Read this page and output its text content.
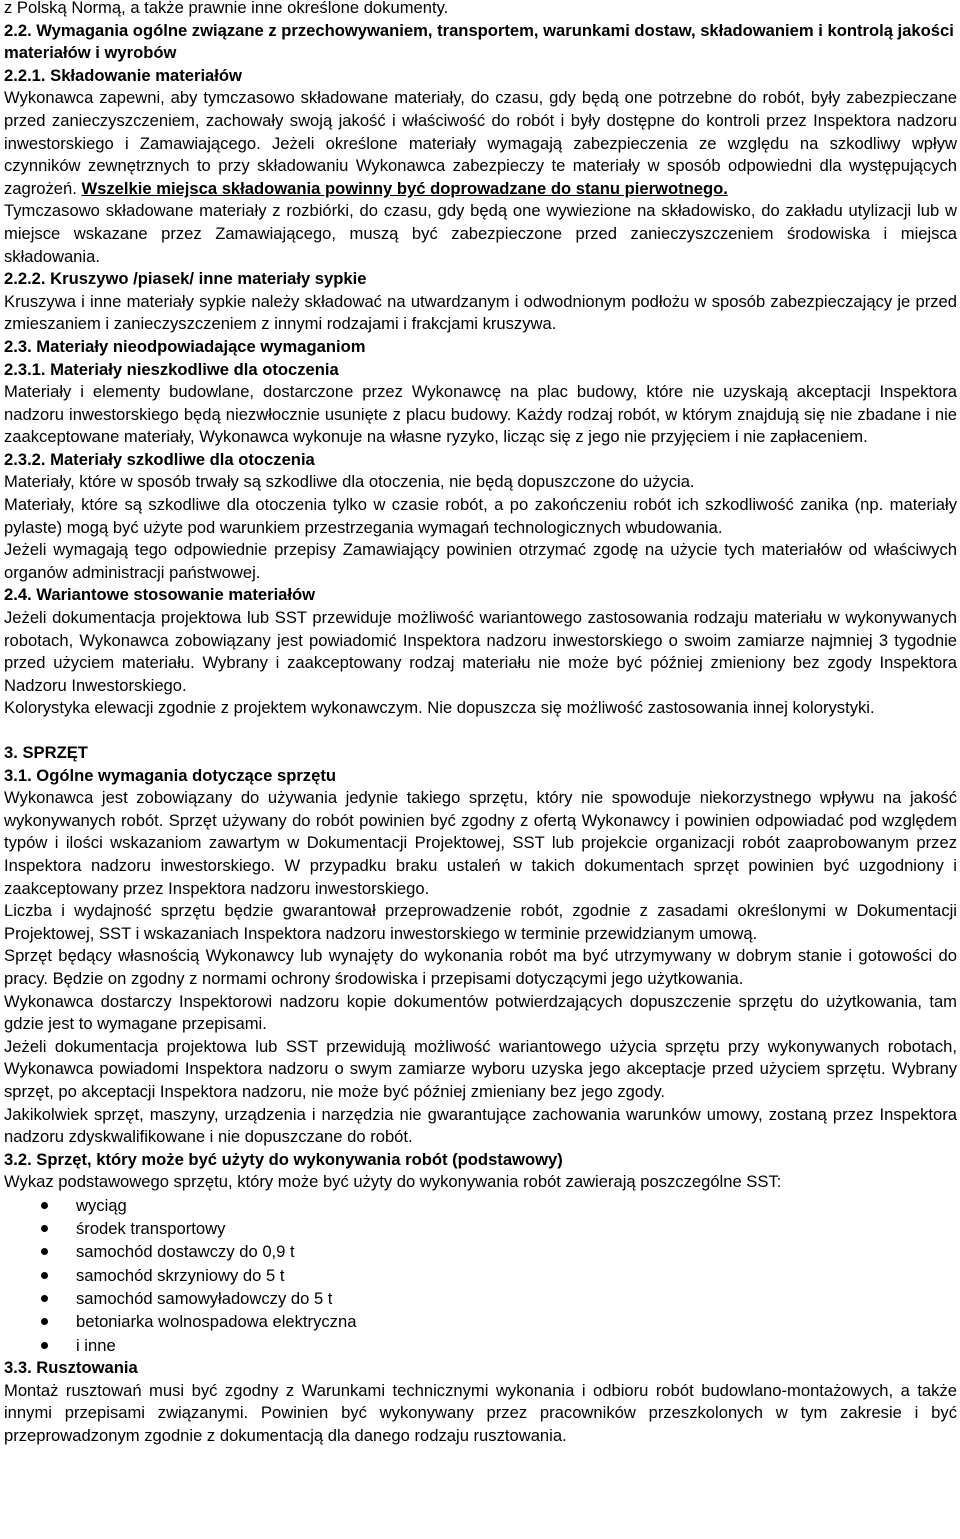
z Polską Normą, a także prawnie inne określone dokumenty.

2.2. Wymagania ogólne związane z przechowywaniem, transportem, warunkami dostaw, składowaniem i kontrolą jakości materiałów i wyrobów

2.2.1. Składowanie materiałów

Wykonawca zapewni, aby tymczasowo składowane materiały, do czasu, gdy będą one potrzebne do robót, były zabezpieczane przed zanieczyszczeniem, zachowały swoją jakość i właściwość do robót i były dostępne do kontroli przez Inspektora nadzoru inwestorskiego i Zamawiającego. Jeżeli określone materiały wymagają zabezpieczenia ze względu na szkodliwy wpływ czynników zewnętrznych to przy składowaniu Wykonawca zabezpieczy te materiały w sposób odpowiedni dla występujących zagrożeń. Wszelkie miejsca składowania powinny być doprowadzane do stanu pierwotnego.

Tymczasowo składowane materiały z rozbiórki, do czasu, gdy będą one wywiezione na składowisko, do zakładu utylizacji lub w miejsce wskazane przez Zamawiającego, muszą być zabezpieczone przed zanieczyszczeniem środowiska i miejsca składowania.

2.2.2. Kruszywo /piasek/ inne materiały sypkie

Kruszywa i inne materiały sypkie należy składować na utwardzanym i odwodnionym podłożu w sposób zabezpieczający je przed zmieszaniem i zanieczyszczeniem z innymi rodzajami i frakcjami kruszywa.

2.3. Materiały nieodpowiadające wymaganiom

2.3.1. Materiały nieszkodliwe dla otoczenia

Materiały i elementy budowlane, dostarczone przez Wykonawcę na plac budowy, które nie uzyskają akceptacji Inspektora nadzoru inwestorskiego będą niezwłocznie usunięte z placu budowy. Każdy rodzaj robót, w którym znajdują się nie zbadane i nie zaakceptowane materiały, Wykonawca wykonuje na własne ryzyko, licząc się z jego nie przyjęciem i nie zapłaceniem.

2.3.2. Materiały szkodliwe dla otoczenia

Materiały, które w sposób trwały są szkodliwe dla otoczenia, nie będą dopuszczone do użycia.

Materiały, które są szkodliwe dla otoczenia tylko w czasie robót, a po zakończeniu robót ich szkodliwość zanika (np. materiały pylaste) mogą być użyte pod warunkiem przestrzegania wymagań technologicznych wbudowania.

Jeżeli wymagają tego odpowiednie przepisy Zamawiający powinien otrzymać zgodę na użycie tych materiałów od właściwych organów administracji państwowej.

2.4. Wariantowe stosowanie materiałów

Jeżeli dokumentacja projektowa lub SST przewiduje możliwość wariantowego zastosowania rodzaju materiału w wykonywanych robotach, Wykonawca zobowiązany jest powiadomić Inspektora nadzoru inwestorskiego o swoim zamiarze najmniej 3 tygodnie przed użyciem materiału. Wybrany i zaakceptowany rodzaj materiału nie może być później zmieniony bez zgody Inspektora Nadzoru Inwestorskiego.

Kolorystyka elewacji zgodnie z projektem wykonawczym. Nie dopuszcza się możliwość zastosowania innej kolorystyki.

3. SPRZĘT

3.1. Ogólne wymagania dotyczące sprzętu

Wykonawca jest zobowiązany do używania jedynie takiego sprzętu, który nie spowoduje niekorzystnego wpływu na jakość wykonywanych robót. Sprzęt używany do robót powinien być zgodny z ofertą Wykonawcy i powinien odpowiadać pod względem typów i ilości wskazaniom zawartym w Dokumentacji Projektowej, SST lub projekcie organizacji robót zaaprobowanym przez Inspektora nadzoru inwestorskiego. W przypadku braku ustaleń w takich dokumentach sprzęt powinien być uzgodniony i zaakceptowany przez Inspektora nadzoru inwestorskiego.

Liczba i wydajność sprzętu będzie gwarantował przeprowadzenie robót, zgodnie z zasadami określonymi w Dokumentacji Projektowej, SST i wskazaniach Inspektora nadzoru inwestorskiego w terminie przewidzianym umową.

Sprzęt będący własnością Wykonawcy lub wynajęty do wykonania robót ma być utrzymywany w dobrym stanie i gotowości do pracy. Będzie on zgodny z normami ochrony środowiska i przepisami dotyczącymi jego użytkowania.

Wykonawca dostarczy Inspektorowi nadzoru kopie dokumentów potwierdzających dopuszczenie sprzętu do użytkowania, tam gdzie jest to wymagane przepisami.

Jeżeli dokumentacja projektowa lub SST przewidują możliwość wariantowego użycia sprzętu przy wykonywanych robotach, Wykonawca powiadomi Inspektora nadzoru o swym zamiarze wyboru uzyska jego akceptacje przed użyciem sprzętu. Wybrany sprzęt, po akceptacji Inspektora nadzoru, nie może być później zmieniany bez jego zgody.

Jakikolwiek sprzęt, maszyny, urządzenia i narzędzia nie gwarantujące zachowania warunków umowy, zostaną przez Inspektora nadzoru zdyskwalifikowane i nie dopuszczane do robót.

3.2. Sprzęt, który może być użyty do wykonywania robót (podstawowy)

Wykaz podstawowego sprzętu, który może być użyty do wykonywania robót zawierają poszczególne SST:

wyciąg
środek transportowy
samochód dostawczy do 0,9 t
samochód skrzyniowy do 5 t
samochód samowyładowczy do 5 t
betoniarka wolnospadowa elektryczna
i inne

3.3. Rusztowania

Montaż rusztowań musi być zgodny z Warunkami technicznymi wykonania i odbioru robót budowlano-montażowych, a także innymi przepisami związanymi. Powinien być wykonywany przez pracowników przeszkolonych w tym zakresie i być przeprowadzonym zgodnie z dokumentacją dla danego rodzaju rusztowania.
